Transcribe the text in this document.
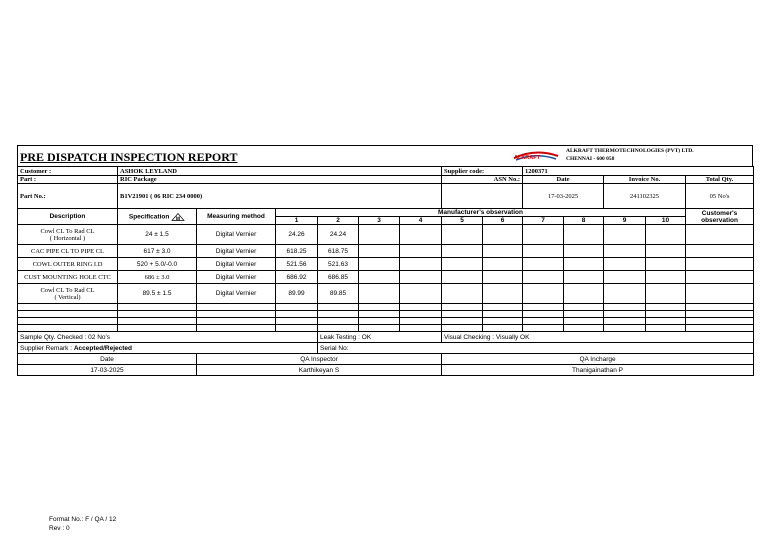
PRE DISPATCH INSPECTION REPORT	ALKRAFT
ALKRAFT THERMOTECHNOLOGIES (PVT) LTD.
CHENNAI - 600 058
Customer :	ASHOK LEYLAND						Supplier code:		1200371				
Part :	RIC Package						ASN No.:		Date		Invoice No.		Total Qty.
Part No.:	B1V21901 ( 06 RIC 234 0000)								17-03-2025		241102325		05 No's
Description	Specification M	Measuring method	Manufacturer's observation										Customer's observation
			1	2	3	4	5	6	7	8	9	10	

Cowl CL To Rad CL
( Horizontal )	24 ± 1.5	Digital Vernier	24.26	24.24									

CAC PIPE CL TO PIPE CL	617 ± 3.0	Digital Vernier	618.25	618.75									

COWL OUTER RING I.D	520 + 5.0/-0.0	Digital Vernier	521.56	521.63									

CUST MOUNTING HOLE CTC	686 ± 3.0	Digital Vernier	686.92	686.85									

Cowl CL To Rad CL
( Vertical)	89.5 ± 1.5	Digital Vernier	89.99	89.85									

Sample Qty. Checked : 02 No's				Leak Testing : OK			Visual Checking : Visually OK						
Supplier Remark : Accepted/Rejected				Serial No:									
Date		QA Inspector					QA Incharge						
17-03-2025		Karthikeyan S					Thanigainathan P						
Format No.: F / QA / 12
Rev : 0
